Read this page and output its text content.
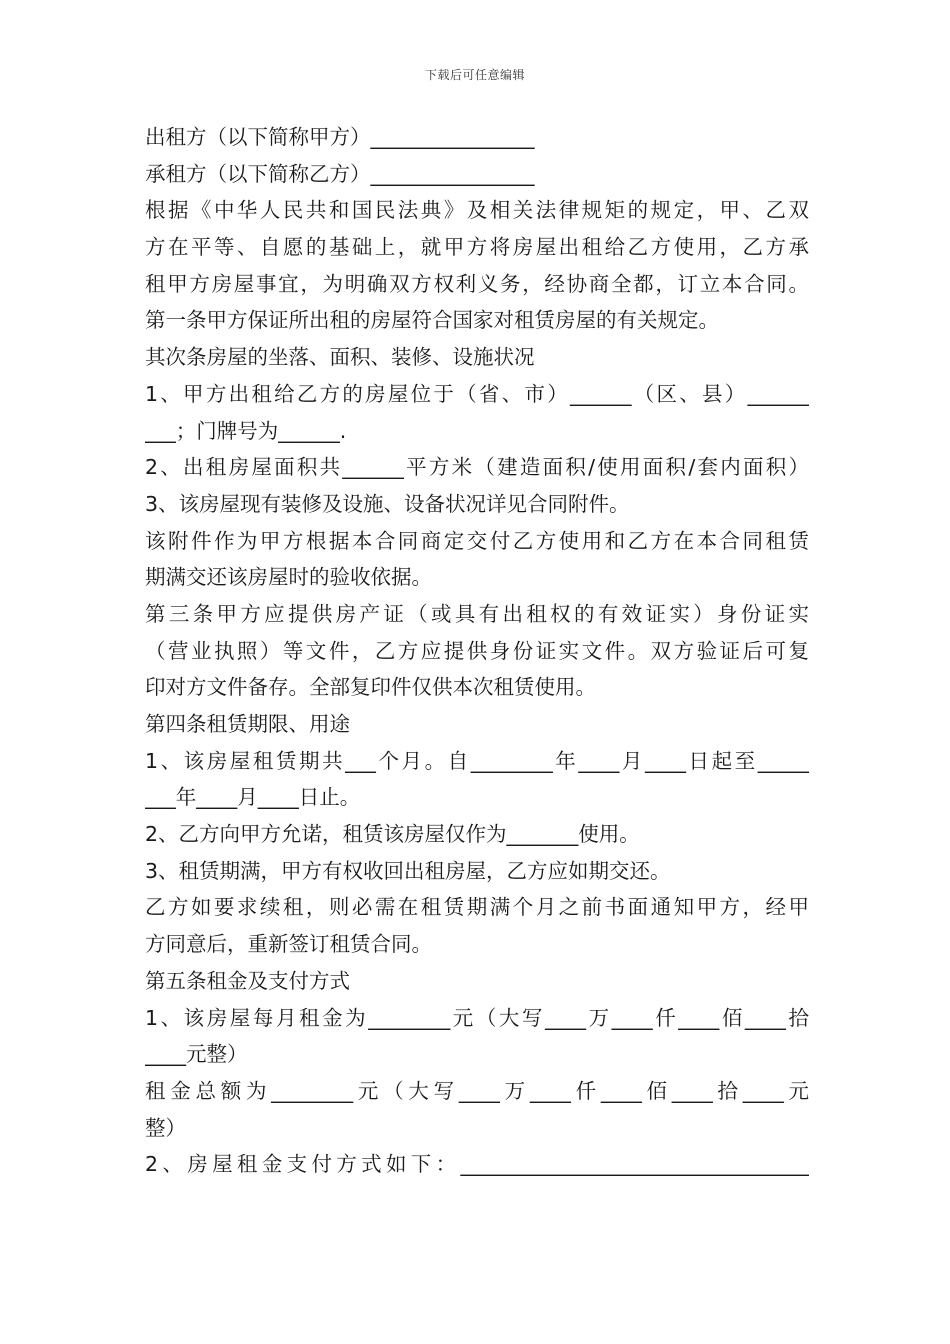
下载后可任意编辑
出租方（以下简称甲方）________________
承租方（以下简称乙方）________________
根据《中华人民共和国民法典》及相关法律规矩的规定，甲、乙双
方在平等、自愿的基础上，就甲方将房屋出租给乙方使用，乙方承
租甲方房屋事宜，为明确双方权利义务，经协商全都，订立本合同。
第一条甲方保证所出租的房屋符合国家对租赁房屋的有关规定。
其次条房屋的坐落、面积、装修、设施状况
1、甲方出租给乙方的房屋位于（省、市）______（区、县）______
___；门牌号为______.
2、出租房屋面积共______平方米（建造面积/使用面积/套内面积）
3、该房屋现有装修及设施、设备状况详见合同附件。
该附件作为甲方根据本合同商定交付乙方使用和乙方在本合同租赁
期满交还该房屋时的验收依据。
第三条甲方应提供房产证（或具有出租权的有效证实）身份证实
（营业执照）等文件，乙方应提供身份证实文件。双方验证后可复
印对方文件备存。全部复印件仅供本次租赁使用。
第四条租赁期限、用途
1、该房屋租赁期共___个月。自________年____月____日起至_____
___年____月____日止。
2、乙方向甲方允诺，租赁该房屋仅作为_______使用。
3、租赁期满，甲方有权收回出租房屋，乙方应如期交还。
乙方如要求续租，则必需在租赁期满个月之前书面通知甲方，经甲
方同意后，重新签订租赁合同。
第五条租金及支付方式
1、该房屋每月租金为________元（大写____万____仟____佰____拾
____元整）
租金总额为________元（大写____万____仟____佰____拾____元
整）
2、房屋租金支付方式如下：__________________________________
